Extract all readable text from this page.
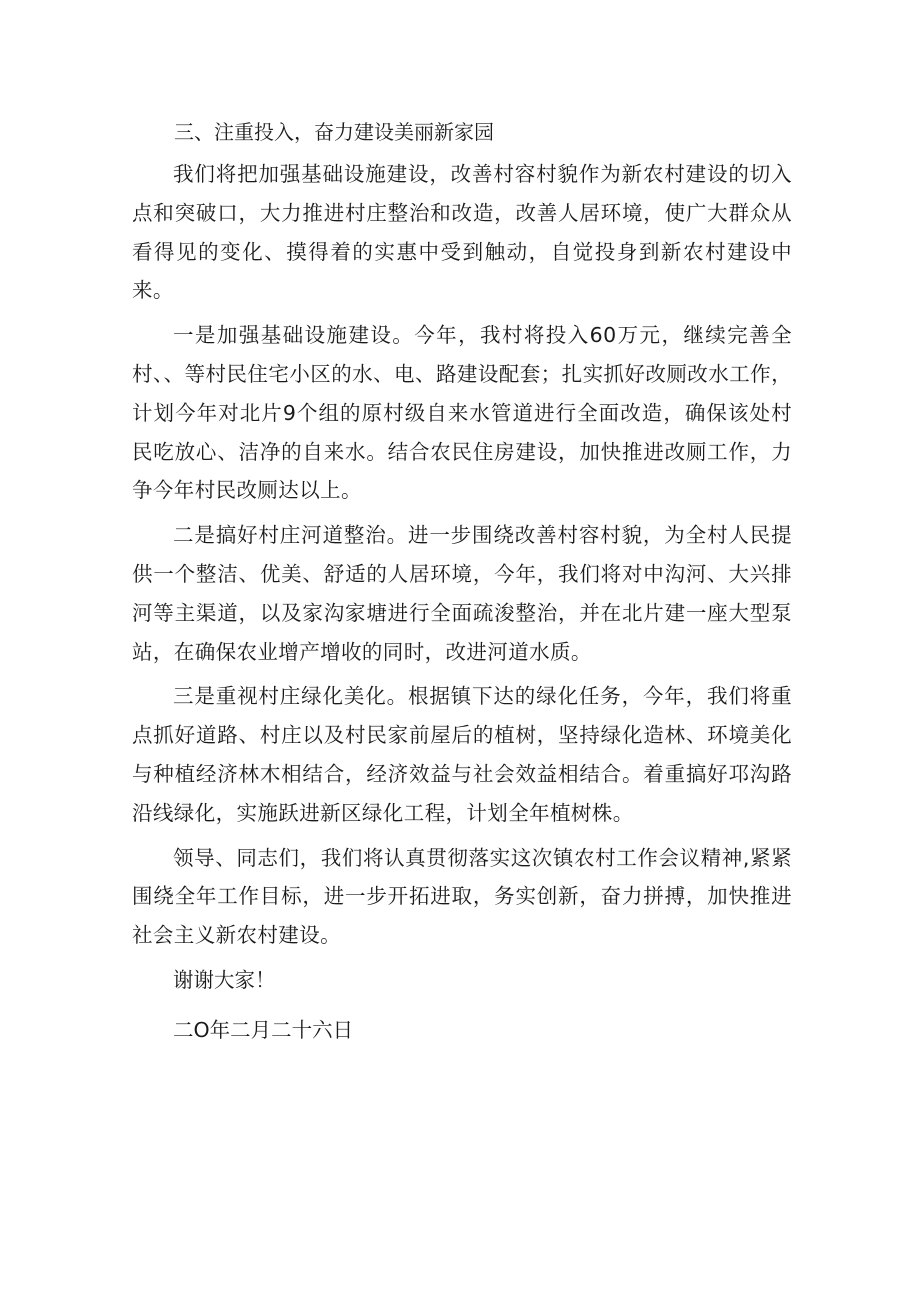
三、注重投入，奋力建设美丽新家园

我们将把加强基础设施建设，改善村容村貌作为新农村建设的切入点和突破口，大力推进村庄整治和改造，改善人居环境，使广大群众从看得见的变化、摸得着的实惠中受到触动，自觉投身到新农村建设中来。

一是加强基础设施建设。今年，我村将投入60万元，继续完善全村、、等村民住宅小区的水、电、路建设配套；扎实抓好改厕改水工作，计划今年对北片9个组的原村级自来水管道进行全面改造，确保该处村民吃放心、洁净的自来水。结合农民住房建设，加快推进改厕工作，力争今年村民改厕达以上。

二是搞好村庄河道整治。进一步围绕改善村容村貌，为全村人民提供一个整洁、优美、舒适的人居环境，今年，我们将对中沟河、大兴排河等主渠道，以及家沟家塘进行全面疏浚整治，并在北片建一座大型泵站，在确保农业增产增收的同时，改进河道水质。

三是重视村庄绿化美化。根据镇下达的绿化任务，今年，我们将重点抓好道路、村庄以及村民家前屋后的植树，坚持绿化造林、环境美化与种植经济林木相结合，经济效益与社会效益相结合。着重搞好邛沟路沿线绿化，实施跃进新区绿化工程，计划全年植树株。

领导、同志们，我们将认真贯彻落实这次镇农村工作会议精神,紧紧围绕全年工作目标，进一步开拓进取，务实创新，奋力拼搏，加快推进社会主义新农村建设。

谢谢大家！

二O年二月二十六日
